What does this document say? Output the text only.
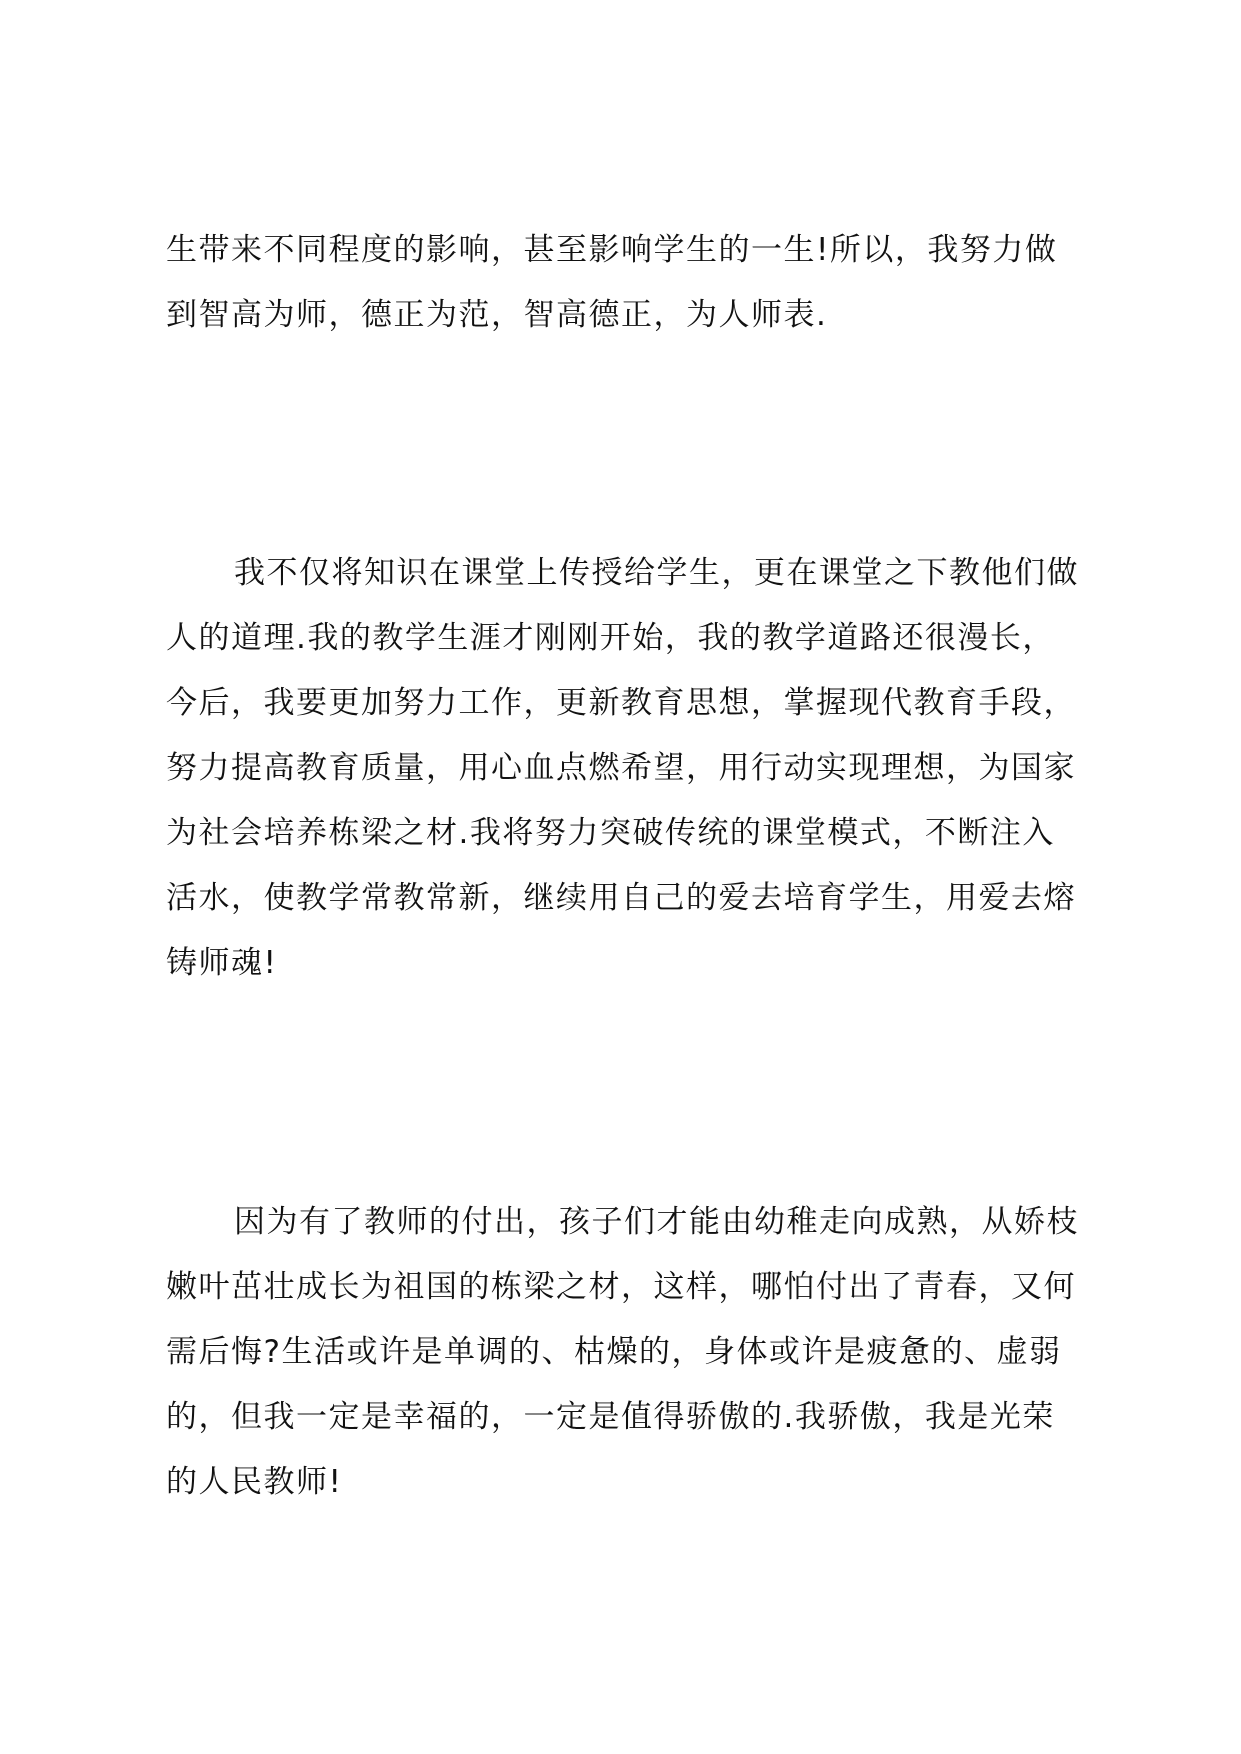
生带来不同程度的影响，甚至影响学生的一生!所以，我努力做
到智高为师，德正为范，智高德正，为人师表.
我不仅将知识在课堂上传授给学生，更在课堂之下教他们做
人的道理.我的教学生涯才刚刚开始，我的教学道路还很漫长，
今后，我要更加努力工作，更新教育思想，掌握现代教育手段，
努力提高教育质量，用心血点燃希望，用行动实现理想，为国家
为社会培养栋梁之材.我将努力突破传统的课堂模式，不断注入
活水，使教学常教常新，继续用自己的爱去培育学生，用爱去熔
铸师魂!
因为有了教师的付出，孩子们才能由幼稚走向成熟，从娇枝
嫩叶茁壮成长为祖国的栋梁之材，这样，哪怕付出了青春，又何
需后悔?生活或许是单调的、枯燥的，身体或许是疲惫的、虚弱
的，但我一定是幸福的，一定是值得骄傲的.我骄傲，我是光荣
的人民教师!
